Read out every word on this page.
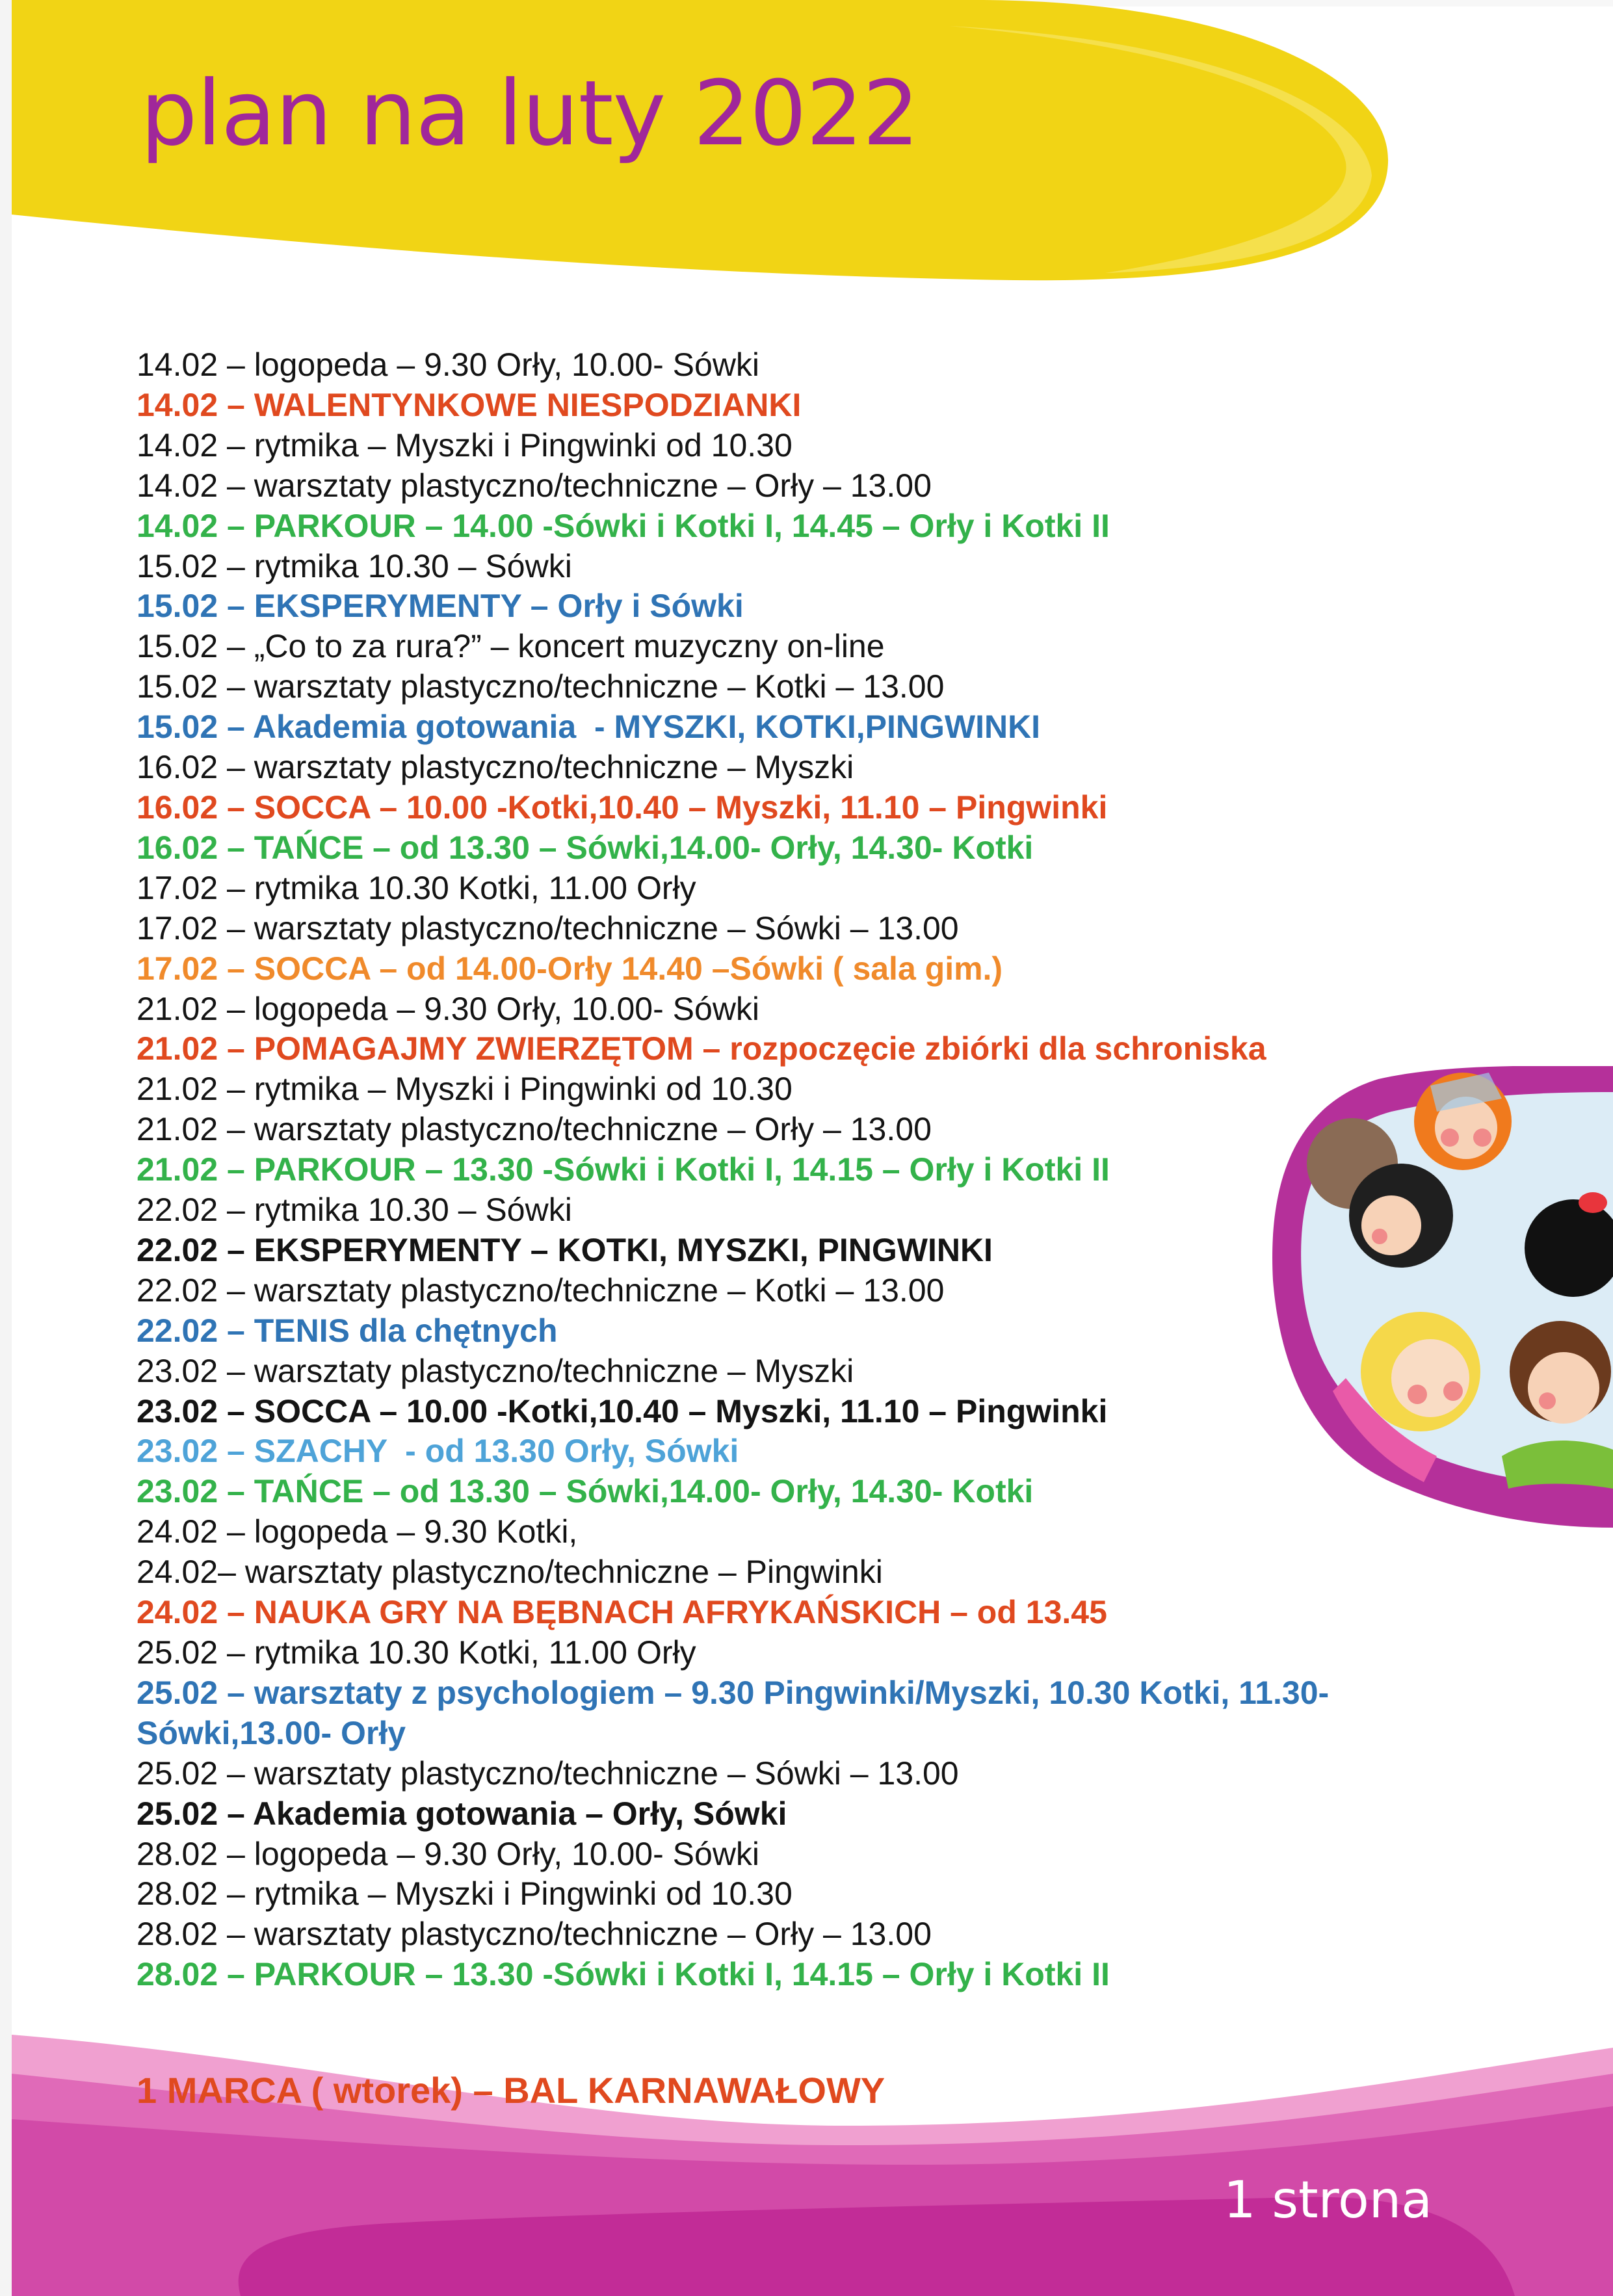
plan na luty 2022
14.02 – logopeda – 9.30 Orły, 10.00- Sówki
14.02 – WALENTYNKOWE NIESPODZIANKI
14.02 – rytmika – Myszki i Pingwinki od 10.30
14.02 – warsztaty plastyczno/techniczne – Orły – 13.00
14.02 – PARKOUR – 14.00 -Sówki i Kotki I, 14.45 – Orły i Kotki II
15.02 – rytmika 10.30 – Sówki
15.02 – EKSPERYMENTY – Orły i Sówki
15.02 – „Co to za rura?” – koncert muzyczny on-line
15.02 – warsztaty plastyczno/techniczne – Kotki – 13.00
15.02 – Akademia gotowania  - MYSZKI, KOTKI,PINGWINKI
16.02 – warsztaty plastyczno/techniczne – Myszki
16.02 – SOCCA – 10.00 -Kotki,10.40 – Myszki, 11.10 – Pingwinki
16.02 – TAŃCE – od 13.30 – Sówki,14.00- Orły, 14.30- Kotki
17.02 – rytmika 10.30 Kotki, 11.00 Orły
17.02 – warsztaty plastyczno/techniczne – Sówki – 13.00
17.02 – SOCCA – od 14.00-Orły 14.40 –Sówki ( sala gim.)
21.02 – logopeda – 9.30 Orły, 10.00- Sówki
21.02 – POMAGAJMY ZWIERZĘTOM – rozpoczęcie zbiórki dla schroniska
21.02 – rytmika – Myszki i Pingwinki od 10.30
21.02 – warsztaty plastyczno/techniczne – Orły – 13.00
21.02 – PARKOUR – 13.30 -Sówki i Kotki I, 14.15 – Orły i Kotki II
22.02 – rytmika 10.30 – Sówki
22.02 – EKSPERYMENTY – KOTKI, MYSZKI, PINGWINKI
22.02 – warsztaty plastyczno/techniczne – Kotki – 13.00
22.02 – TENIS dla chętnych
23.02 – warsztaty plastyczno/techniczne – Myszki
23.02 – SOCCA – 10.00 -Kotki,10.40 – Myszki, 11.10 – Pingwinki
23.02 – SZACHY  - od 13.30 Orły, Sówki
23.02 – TAŃCE – od 13.30 – Sówki,14.00- Orły, 14.30- Kotki
24.02 – logopeda – 9.30 Kotki,
24.02– warsztaty plastyczno/techniczne – Pingwinki
24.02 – NAUKA GRY NA BĘBNACH AFRYKAŃSKICH – od 13.45
25.02 – rytmika 10.30 Kotki, 11.00 Orły
25.02 – warsztaty z psychologiem – 9.30 Pingwinki/Myszki, 10.30 Kotki, 11.30- Sówki,13.00- Orły
25.02 – warsztaty plastyczno/techniczne – Sówki – 13.00
25.02 – Akademia gotowania – Orły, Sówki
28.02 – logopeda – 9.30 Orły, 10.00- Sówki
28.02 – rytmika – Myszki i Pingwinki od 10.30
28.02 – warsztaty plastyczno/techniczne – Orły – 13.00
28.02 – PARKOUR – 13.30 -Sówki i Kotki I, 14.15 – Orły i Kotki II

1 MARCA ( wtorek) – BAL KARNAWAŁOWY

1 strona
